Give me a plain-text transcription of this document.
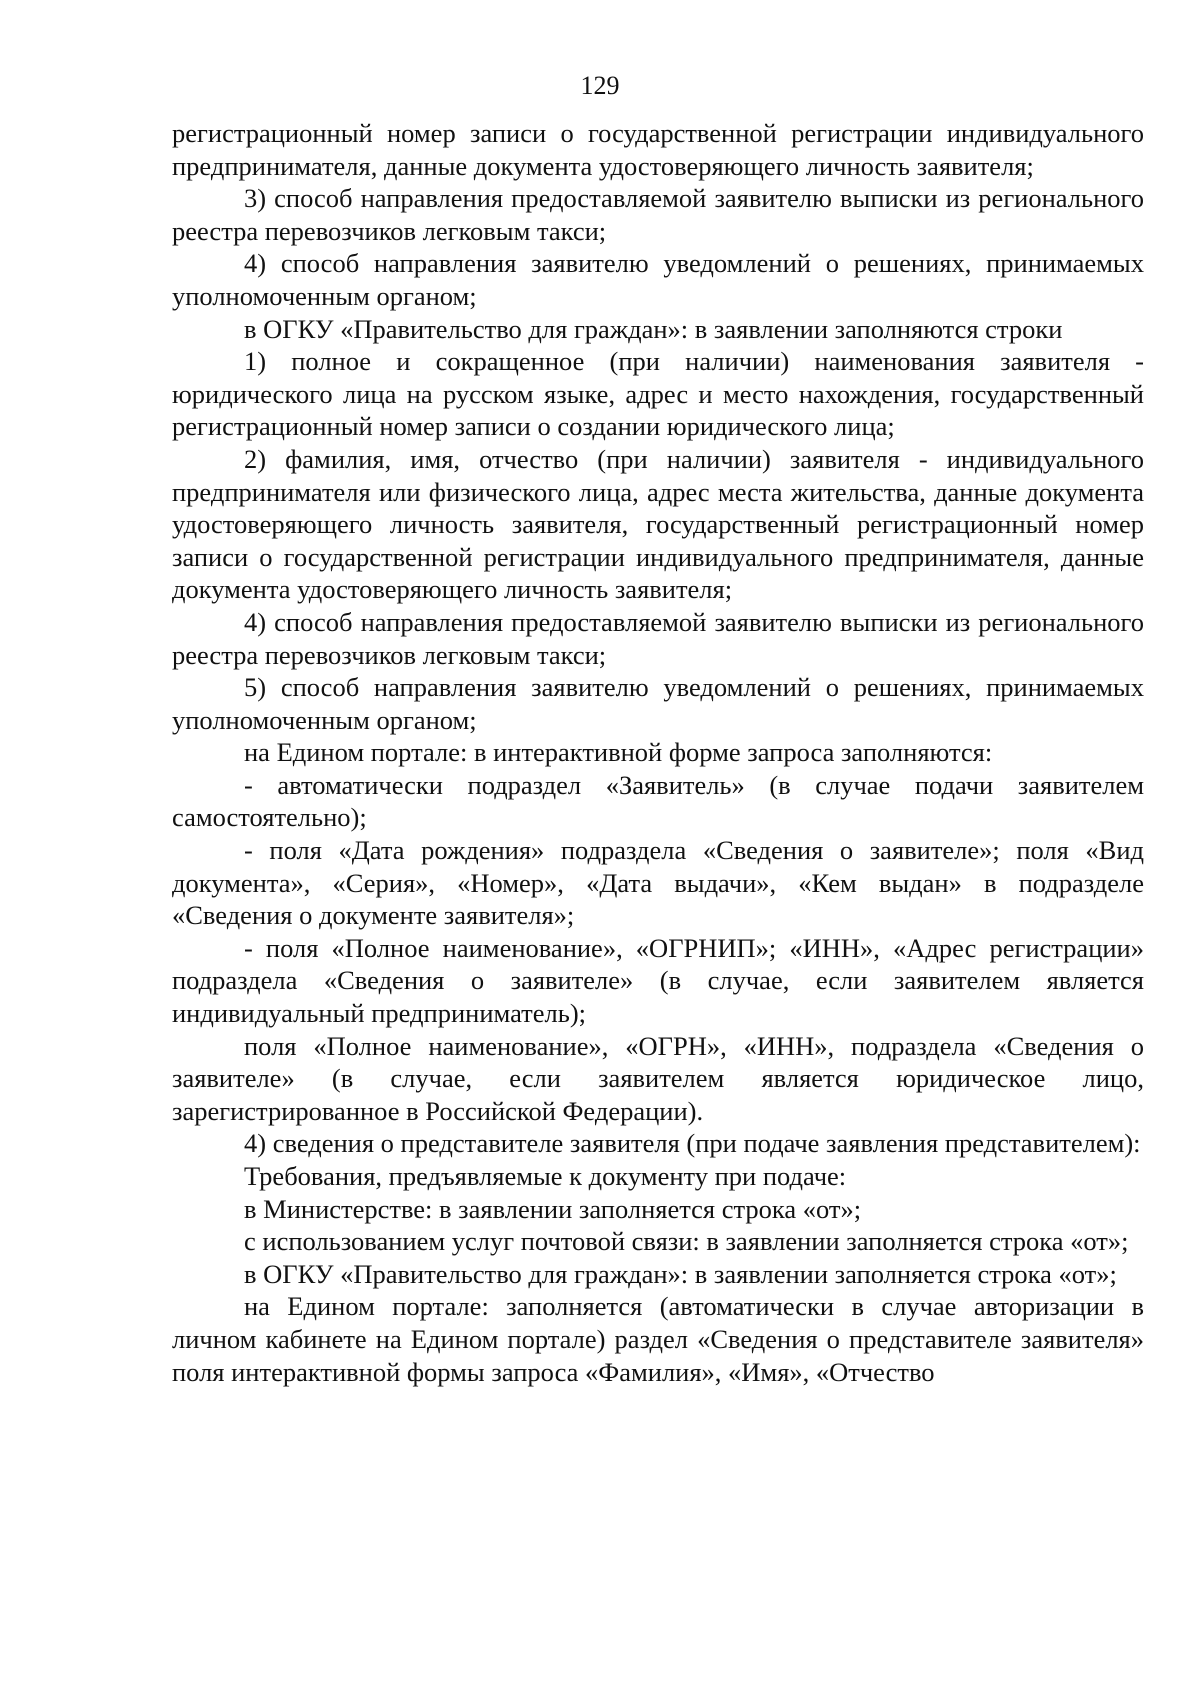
129

регистрационный номер записи о государственной регистрации индивидуального предпринимателя, данные документа удостоверяющего личность заявителя;

3) способ направления предоставляемой заявителю выписки из регионального реестра перевозчиков легковым такси;

4) способ направления заявителю уведомлений о решениях, принимаемых уполномоченным органом;

в ОГКУ «Правительство для граждан»: в заявлении заполняются строки

1) полное и сокращенное (при наличии) наименования заявителя - юридического лица на русском языке, адрес и место нахождения, государственный регистрационный номер записи о создании юридического лица;

2) фамилия, имя, отчество (при наличии) заявителя - индивидуального предпринимателя или физического лица, адрес места жительства, данные документа удостоверяющего личность заявителя, государственный регистрационный номер записи о государственной регистрации индивидуального предпринимателя, данные документа удостоверяющего личность заявителя;

4) способ направления предоставляемой заявителю выписки из регионального реестра перевозчиков легковым такси;

5) способ направления заявителю уведомлений о решениях, принимаемых уполномоченным органом;

на Едином портале: в интерактивной форме запроса заполняются:

- автоматически подраздел «Заявитель» (в случае подачи заявителем самостоятельно);

- поля «Дата рождения» подраздела «Сведения о заявителе»; поля «Вид документа», «Серия», «Номер», «Дата выдачи», «Кем выдан» в подразделе «Сведения о документе заявителя»;

- поля «Полное наименование», «ОГРНИП»; «ИНН», «Адрес регистрации» подраздела «Сведения о заявителе» (в случае, если заявителем является индивидуальный предприниматель);

поля «Полное наименование», «ОГРН», «ИНН», подраздела «Сведения о заявителе» (в случае, если заявителем является юридическое лицо, зарегистрированное в Российской Федерации).

4) сведения о представителе заявителя (при подаче заявления представителем):

Требования, предъявляемые к документу при подаче:

в Министерстве: в заявлении заполняется строка «от»;

с использованием услуг почтовой связи: в заявлении заполняется строка «от»;

в ОГКУ «Правительство для граждан»: в заявлении заполняется строка «от»;

на Едином портале: заполняется (автоматически в случае авторизации в личном кабинете на Едином портале) раздел «Сведения о представителе заявителя» поля интерактивной формы запроса «Фамилия», «Имя», «Отчество
